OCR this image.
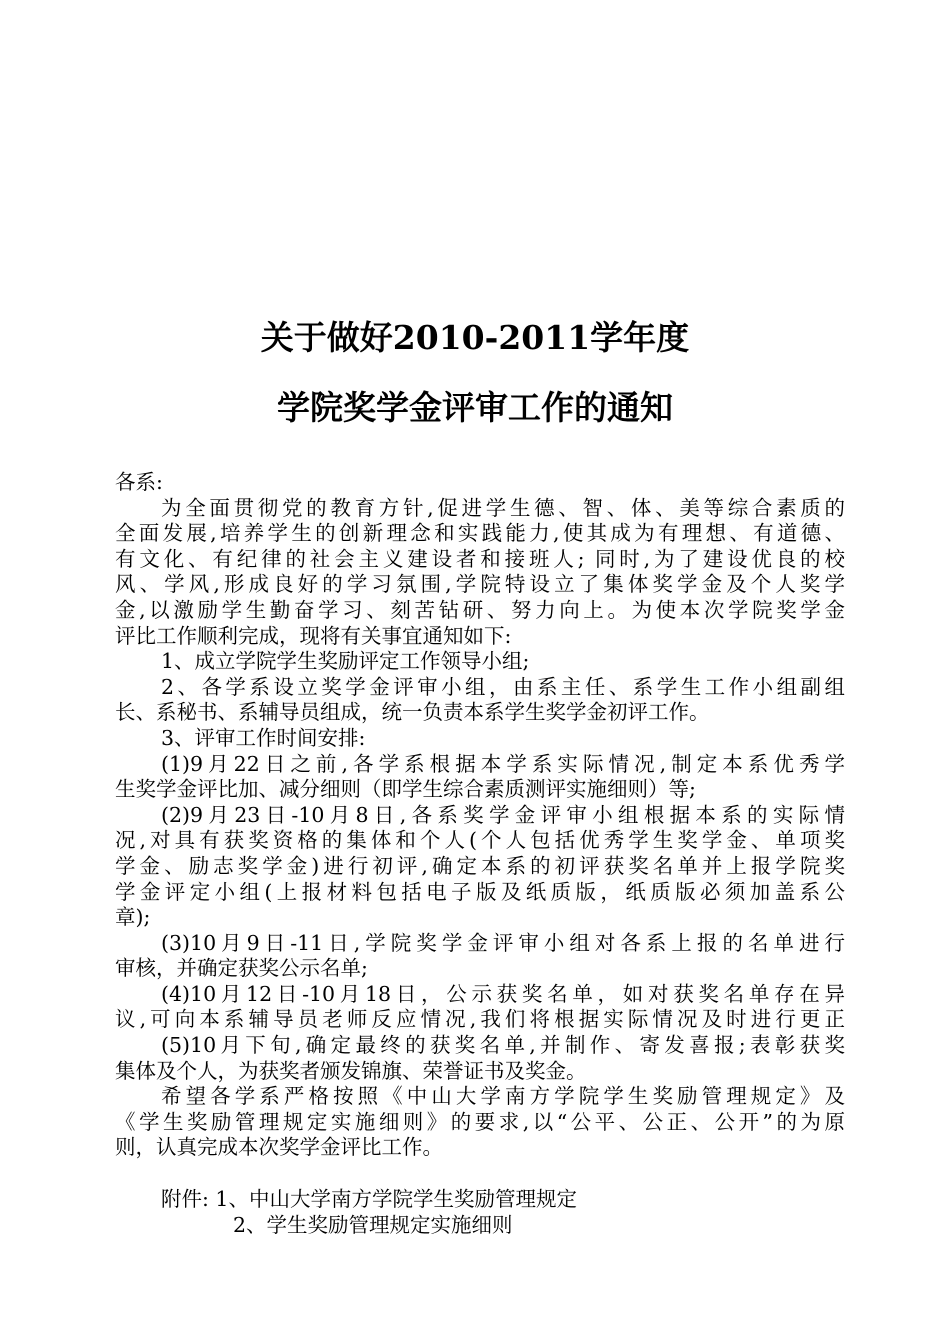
关于做好2010-2011学年度
学院奖学金评审工作的通知
各系:
为全面贯彻党的教育方针,促进学生德、智、体、美等综合素质的
全面发展,培养学生的创新理念和实践能力,使其成为有理想、有道德、
有文化、有纪律的社会主义建设者和接班人; 同时,为了建设优良的校
风、学风,形成良好的学习氛围,学院特设立了集体奖学金及个人奖学
金,以激励学生勤奋学习、刻苦钻研、努力向上。为使本次学院奖学金
评比工作顺利完成，现将有关事宜通知如下:
1、成立学院学生奖励评定工作领导小组;
2、各学系设立奖学金评审小组，由系主任、系学生工作小组副组
长、系秘书、系辅导员组成，统一负责本系学生奖学金初评工作。
3、评审工作时间安排:
(1)9月22日之前,各学系根据本学系实际情况,制定本系优秀学
生奖学金评比加、减分细则（即学生综合素质测评实施细则）等;
(2)9月23日-10月8日,各系奖学金评审小组根据本系的实际情
况,对具有获奖资格的集体和个人(个人包括优秀学生奖学金、单项奖
学金、励志奖学金)进行初评,确定本系的初评获奖名单并上报学院奖
学金评定小组(上报材料包括电子版及纸质版，纸质版必须加盖系公
章);
(3)10月9日-11日,学院奖学金评审小组对各系上报的名单进行
审核，并确定获奖公示名单;
(4)10月12日-10月18日，公示获奖名单，如对获奖名单存在异
议,可向本系辅导员老师反应情况,我们将根据实际情况及时进行更正
(5)10月下旬,确定最终的获奖名单,并制作、寄发喜报;表彰获奖
集体及个人，为获奖者颁发锦旗、荣誉证书及奖金。
希望各学系严格按照《中山大学南方学院学生奖励管理规定》及
《学生奖励管理规定实施细则》的要求,以“公平、公正、公开”的为原
则，认真完成本次奖学金评比工作。
附件: 1、中山大学南方学院学生奖励管理规定
2、学生奖励管理规定实施细则
